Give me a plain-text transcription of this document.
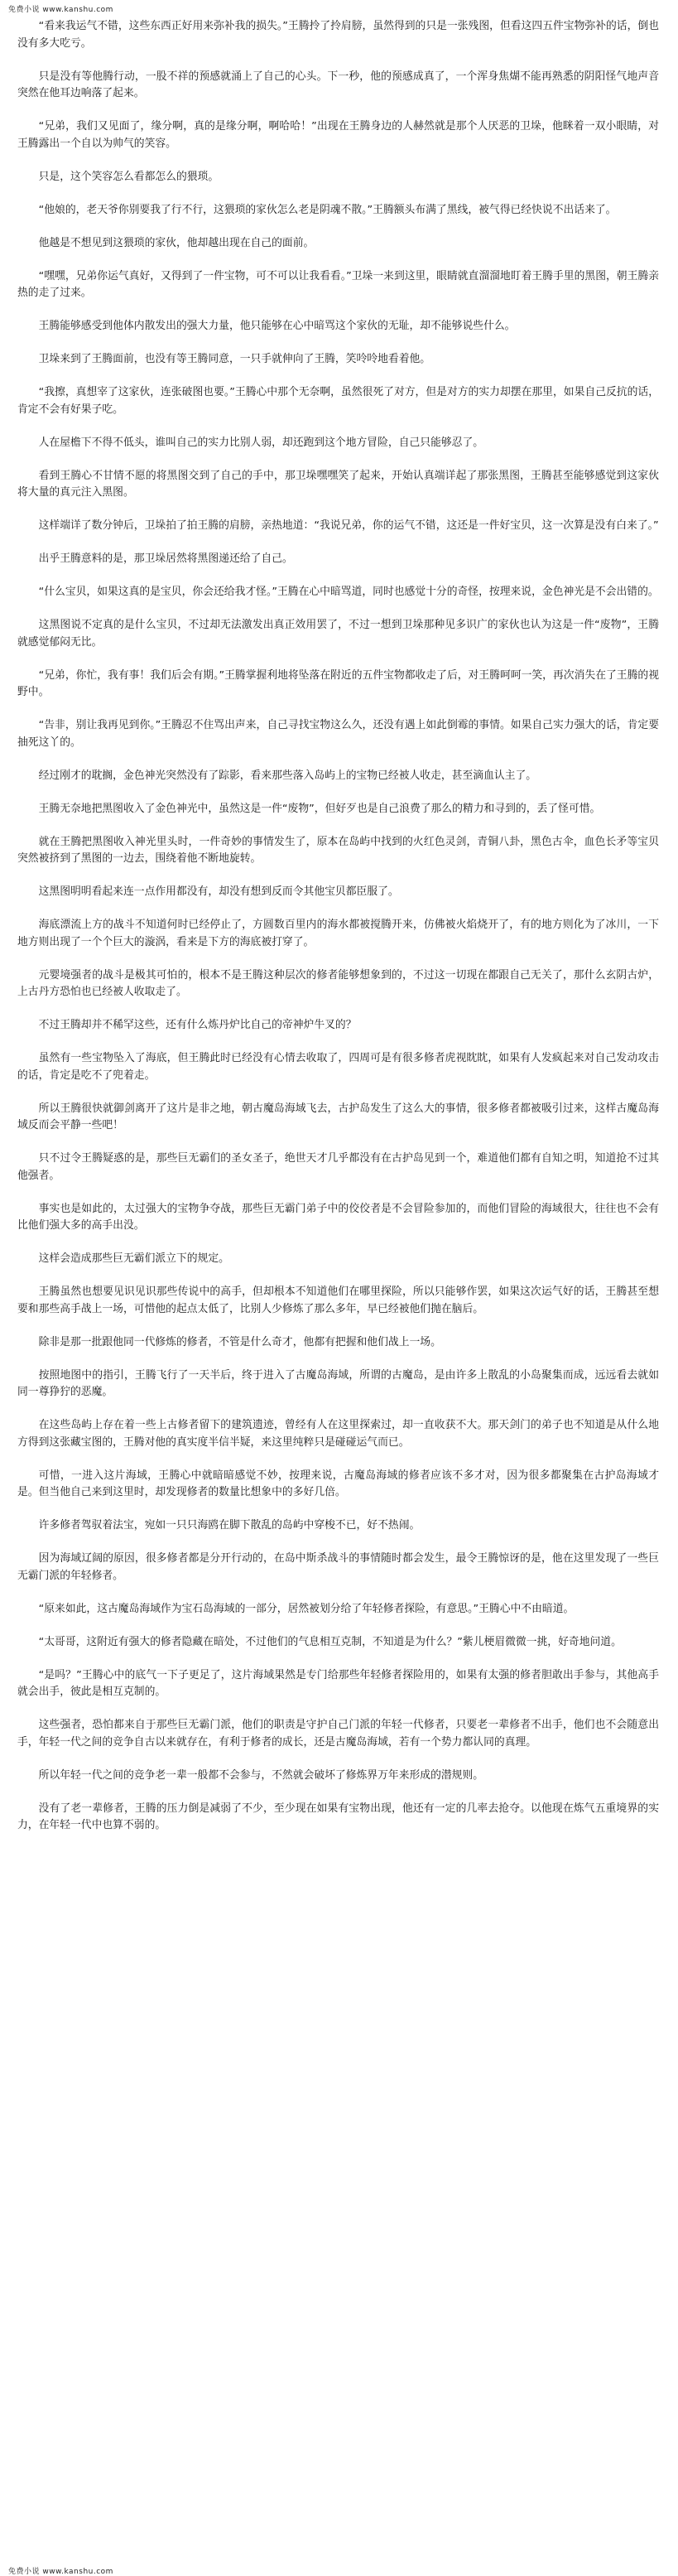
免费小说 www.kanshu.com

“看来我运气不错，这些东西正好用来弥补我的损失。”王腾拎了拎肩膀，虽然得到的只是一张残图，但看这四五件宝物弥补的话，倒也没有多大吃亏。

只是没有等他腾行动，一股不祥的预感就涌上了自己的心头。下一秒，他的预感成真了，一个浑身焦煳不能再熟悉的阴阳怪气地声音突然在他耳边响落了起来。

“兄弟，我们又见面了，缘分啊，真的是缘分啊，啊哈哈！”出现在王腾身边的人赫然就是那个人厌恶的卫垛，他眯着一双小眼睛，对王腾露出一个自以为帅气的笑容。

只是，这个笑容怎么看都怎么的猥琐。

“他娘的，老天爷你别要我了行不行，这猥琐的家伙怎么老是阴魂不散。”王腾额头布满了黑线，被气得已经快说不出话来了。

他越是不想见到这猥琐的家伙，他却越出现在自己的面前。

“嘿嘿，兄弟你运气真好，又得到了一件宝物，可不可以让我看看。”卫垛一来到这里，眼睛就直溜溜地盯着王腾手里的黑图，朝王腾亲热的走了过来。

王腾能够感受到他体内散发出的强大力量，他只能够在心中暗骂这个家伙的无耻，却不能够说些什么。

卫垛来到了王腾面前，也没有等王腾同意，一只手就伸向了王腾，笑呤呤地看着他。

“我擦，真想宰了这家伙，连张破图也要。”王腾心中那个无奈啊，虽然很死了对方，但是对方的实力却摆在那里，如果自己反抗的话，肯定不会有好果子吃。

人在屋檐下不得不低头，谁叫自己的实力比别人弱，却还跑到这个地方冒险，自己只能够忍了。

看到王腾心不甘情不愿的将黑图交到了自己的手中，那卫垛嘿嘿笑了起来，开始认真端详起了那张黑图，王腾甚至能够感觉到这家伙将大量的真元注入黑图。

这样端详了数分钟后，卫垛拍了拍王腾的肩膀，亲热地道：“我说兄弟，你的运气不错，这还是一件好宝贝，这一次算是没有白来了。”

出乎王腾意料的是，那卫垛居然将黑图递还给了自己。

“什么宝贝，如果这真的是宝贝，你会还给我才怪。”王腾在心中暗骂道，同时也感觉十分的奇怪，按理来说，金色神光是不会出错的。

这黑图说不定真的是什么宝贝，不过却无法激发出真正效用罢了，不过一想到卫垛那种见多识广的家伙也认为这是一件“废物”，王腾就感觉郁闷无比。

“兄弟，你忙，我有事！我们后会有期。”王腾掌握利地将坠落在附近的五件宝物都收走了后，对王腾呵呵一笑，再次消失在了王腾的视野中。

“告非，别让我再见到你。”王腾忍不住骂出声来，自己寻找宝物这么久，还没有遇上如此倒霉的事情。如果自己实力强大的话，肯定要抽死这丫的。

经过刚才的耽搁，金色神光突然没有了踪影，看来那些落入岛屿上的宝物已经被人收走，甚至滴血认主了。

王腾无奈地把黑图收入了金色神光中，虽然这是一件“废物”，但好歹也是自己浪费了那么的精力和寻到的，丢了怪可惜。

就在王腾把黑图收入神光里头时，一件奇妙的事情发生了，原本在岛屿中找到的火红色灵剑，青铜八卦，黑色古伞，血色长矛等宝贝突然被挤到了黑图的一边去，围绕着他不断地旋转。

这黑图明明看起来连一点作用都没有，却没有想到反而令其他宝贝都臣服了。

海底漂流上方的战斗不知道何时已经停止了，方圆数百里内的海水都被搅腾开来，仿佛被火焰烧开了，有的地方则化为了冰川，一下地方则出现了一个个巨大的漩涡，看来是下方的海底被打穿了。

元婴境强者的战斗是极其可怕的，根本不是王腾这种层次的修者能够想象到的，不过这一切现在都跟自己无关了，那什么玄阴古炉，上古丹方恐怕也已经被人收取走了。

不过王腾却并不稀罕这些，还有什么炼丹炉比自己的帝神炉牛叉的？

虽然有一些宝物坠入了海底，但王腾此时已经没有心情去收取了，四周可是有很多修者虎视眈眈，如果有人发疯起来对自己发动攻击的话，肯定是吃不了兜着走。

所以王腾很快就御剑离开了这片是非之地，朝古魔岛海域飞去，古护岛发生了这么大的事情，很多修者都被吸引过来，这样古魔岛海域反而会平静一些吧！

只不过令王腾疑惑的是，那些巨无霸们的圣女圣子，绝世天才几乎都没有在古护岛见到一个，难道他们都有自知之明，知道抢不过其他强者。

事实也是如此的，太过强大的宝物争夺战，那些巨无霸门弟子中的佼佼者是不会冒险参加的，而他们冒险的海域很大，往往也不会有比他们强大多的高手出没。

这样会造成那些巨无霸们派立下的规定。

王腾虽然也想要见识见识那些传说中的高手，但却根本不知道他们在哪里探险，所以只能够作罢，如果这次运气好的话，王腾甚至想要和那些高手战上一场，可惜他的起点太低了，比别人少修炼了那么多年，早已经被他们抛在脑后。

除非是那一批跟他同一代修炼的修者，不管是什么奇才，他都有把握和他们战上一场。

按照地图中的指引，王腾飞行了一天半后，终于进入了古魔岛海域，所谓的古魔岛，是由许多上散乱的小岛聚集而成，远远看去就如同一尊狰狞的恶魔。

在这些岛屿上存在着一些上古修者留下的建筑遗迹，曾经有人在这里探索过，却一直收获不大。那天剑门的弟子也不知道是从什么地方得到这张藏宝图的，王腾对他的真实度半信半疑，来这里纯粹只是碰碰运气而已。

可惜，一进入这片海域，王腾心中就暗暗感觉不妙，按理来说，古魔岛海域的修者应该不多才对，因为很多都聚集在古护岛海域才是。但当他自己来到这里时，却发现修者的数量比想象中的多好几倍。

许多修者驾驭着法宝，宛如一只只海鸥在脚下散乱的岛屿中穿梭不已，好不热闹。

因为海域辽阔的原因，很多修者都是分开行动的，在岛中斯杀战斗的事情随时都会发生，最令王腾惊讶的是，他在这里发现了一些巨无霸门派的年轻修者。

“原来如此，这古魔岛海域作为宝石岛海域的一部分，居然被划分给了年轻修者探险，有意思。”王腾心中不由暗道。

“太哥哥，这附近有强大的修者隐藏在暗处，不过他们的气息相互克制，不知道是为什么？”紫儿梗眉微微一挑，好奇地问道。

“是吗？”王腾心中的底气一下子更足了，这片海域果然是专门给那些年轻修者探险用的，如果有太强的修者胆敢出手参与，其他高手就会出手，彼此是相互克制的。

这些强者，恐怕都来自于那些巨无霸门派，他们的职责是守护自己门派的年轻一代修者，只要老一辈修者不出手，他们也不会随意出手，年轻一代之间的竞争自古以来就存在，有利于修者的成长，还是古魔岛海域，若有一个势力都认同的真理。

所以年轻一代之间的竞争老一辈一般都不会参与，不然就会破坏了修炼界万年来形成的潜规则。

没有了老一辈修者，王腾的压力倒是减弱了不少，至少现在如果有宝物出现，他还有一定的几率去抢夺。以他现在炼气五重境界的实力，在年轻一代中也算不弱的。

免费小说 www.kanshu.com
